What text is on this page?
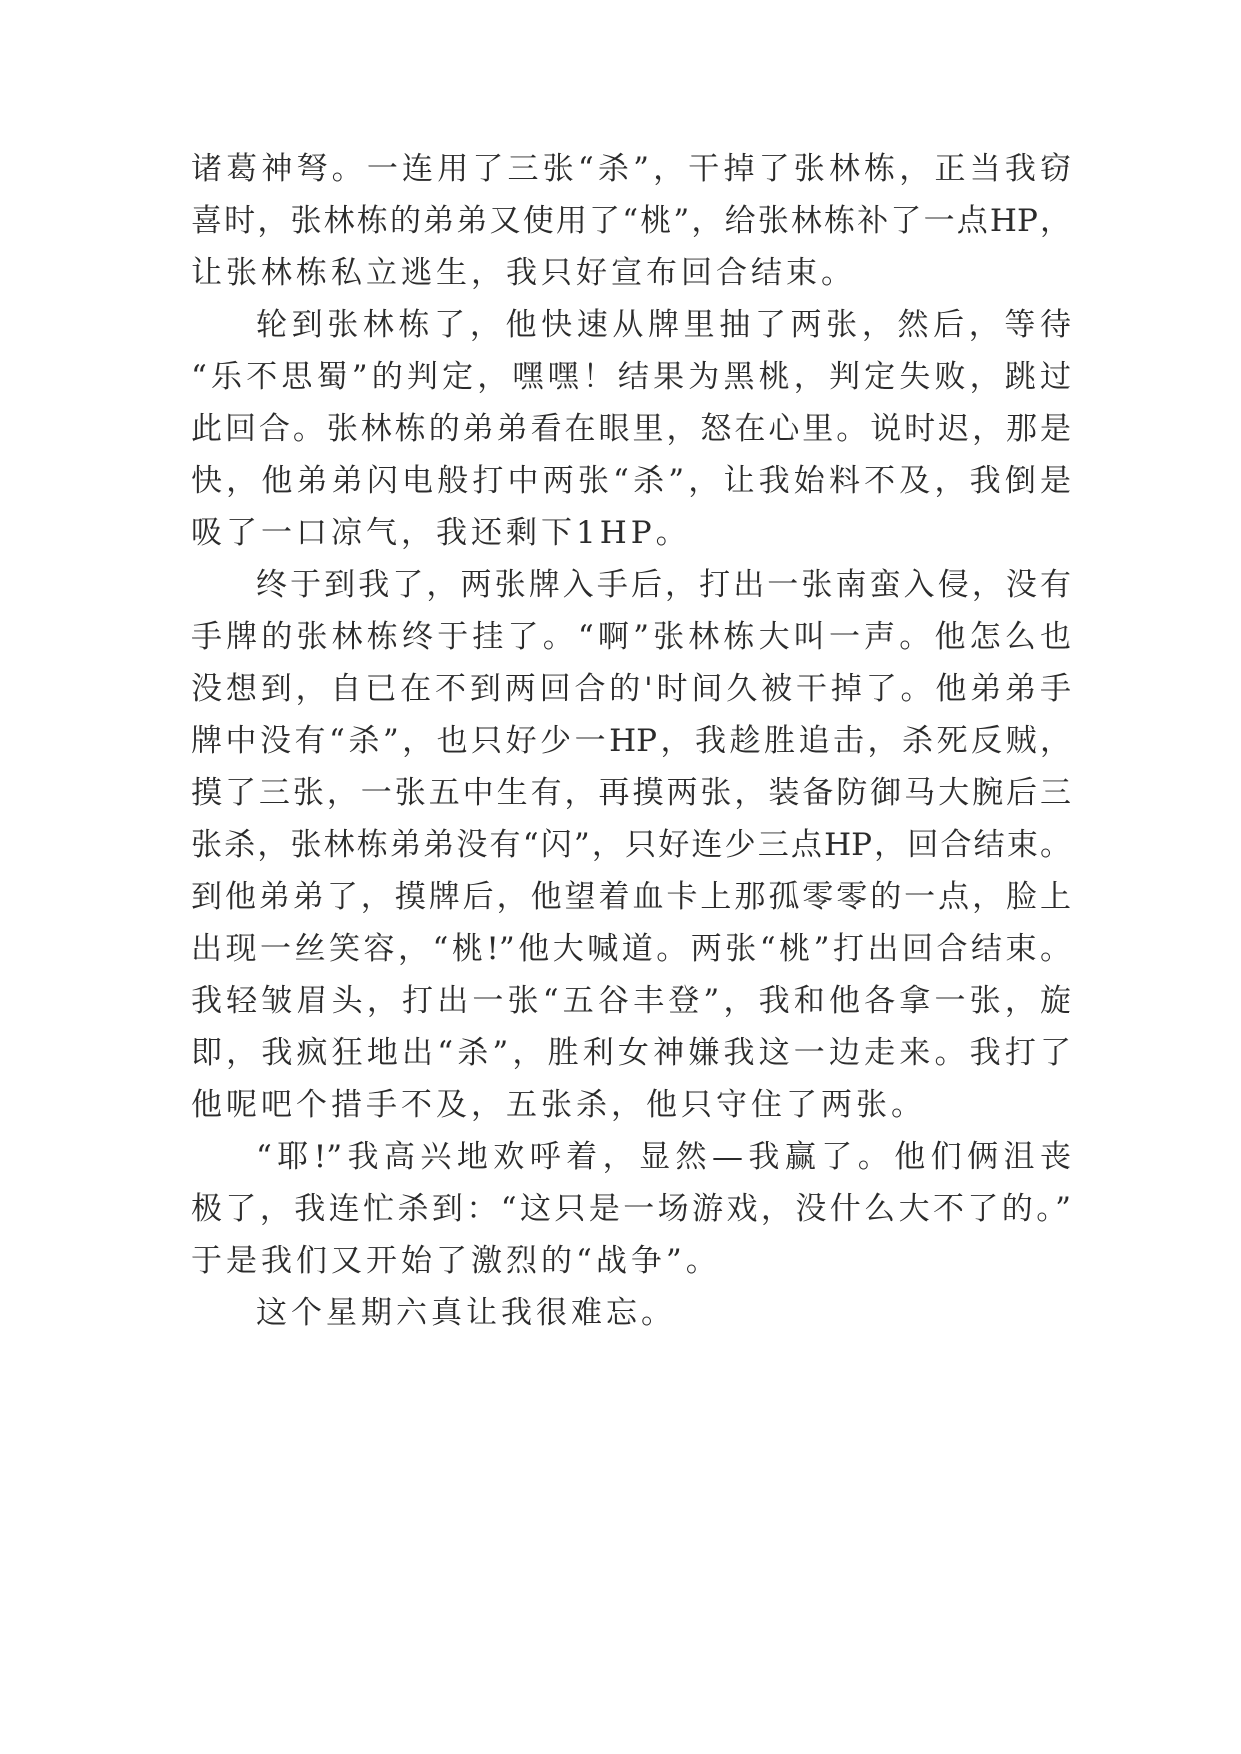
诸葛神弩。一连用了三张“杀”，干掉了张林栋，正当我窃

喜时，张林栋的弟弟又使用了“桃”，给张林栋补了一点HP，

让张林栋私立逃生，我只好宣布回合结束。

轮到张林栋了，他快速从牌里抽了两张，然后，等待

“乐不思蜀”的判定，嘿嘿！结果为黑桃，判定失败，跳过

此回合。张林栋的弟弟看在眼里，怒在心里。说时迟，那是

快，他弟弟闪电般打中两张“杀”，让我始料不及，我倒是

吸了一口凉气，我还剩下1HP。

终于到我了，两张牌入手后，打出一张南蛮入侵，没有

手牌的张林栋终于挂了。“啊”张林栋大叫一声。他怎么也

没想到，自已在不到两回合的'时间久被干掉了。他弟弟手

牌中没有“杀”，也只好少一HP，我趁胜追击，杀死反贼，

摸了三张，一张五中生有，再摸两张，装备防御马大腕后三

张杀，张林栋弟弟没有“闪”，只好连少三点HP，回合结束。

到他弟弟了，摸牌后，他望着血卡上那孤零零的一点，脸上

出现一丝笑容，“桃!”他大喊道。两张“桃”打出回合结束。

我轻皱眉头，打出一张“五谷丰登”，我和他各拿一张，旋

即，我疯狂地出“杀”，胜利女神嫌我这一边走来。我打了

他呢吧个措手不及，五张杀，他只守住了两张。

“耶!”我高兴地欢呼着，显然—我赢了。他们俩沮丧

极了，我连忙杀到：“这只是一场游戏，没什么大不了的。”

于是我们又开始了激烈的“战争”。

这个星期六真让我很难忘。
